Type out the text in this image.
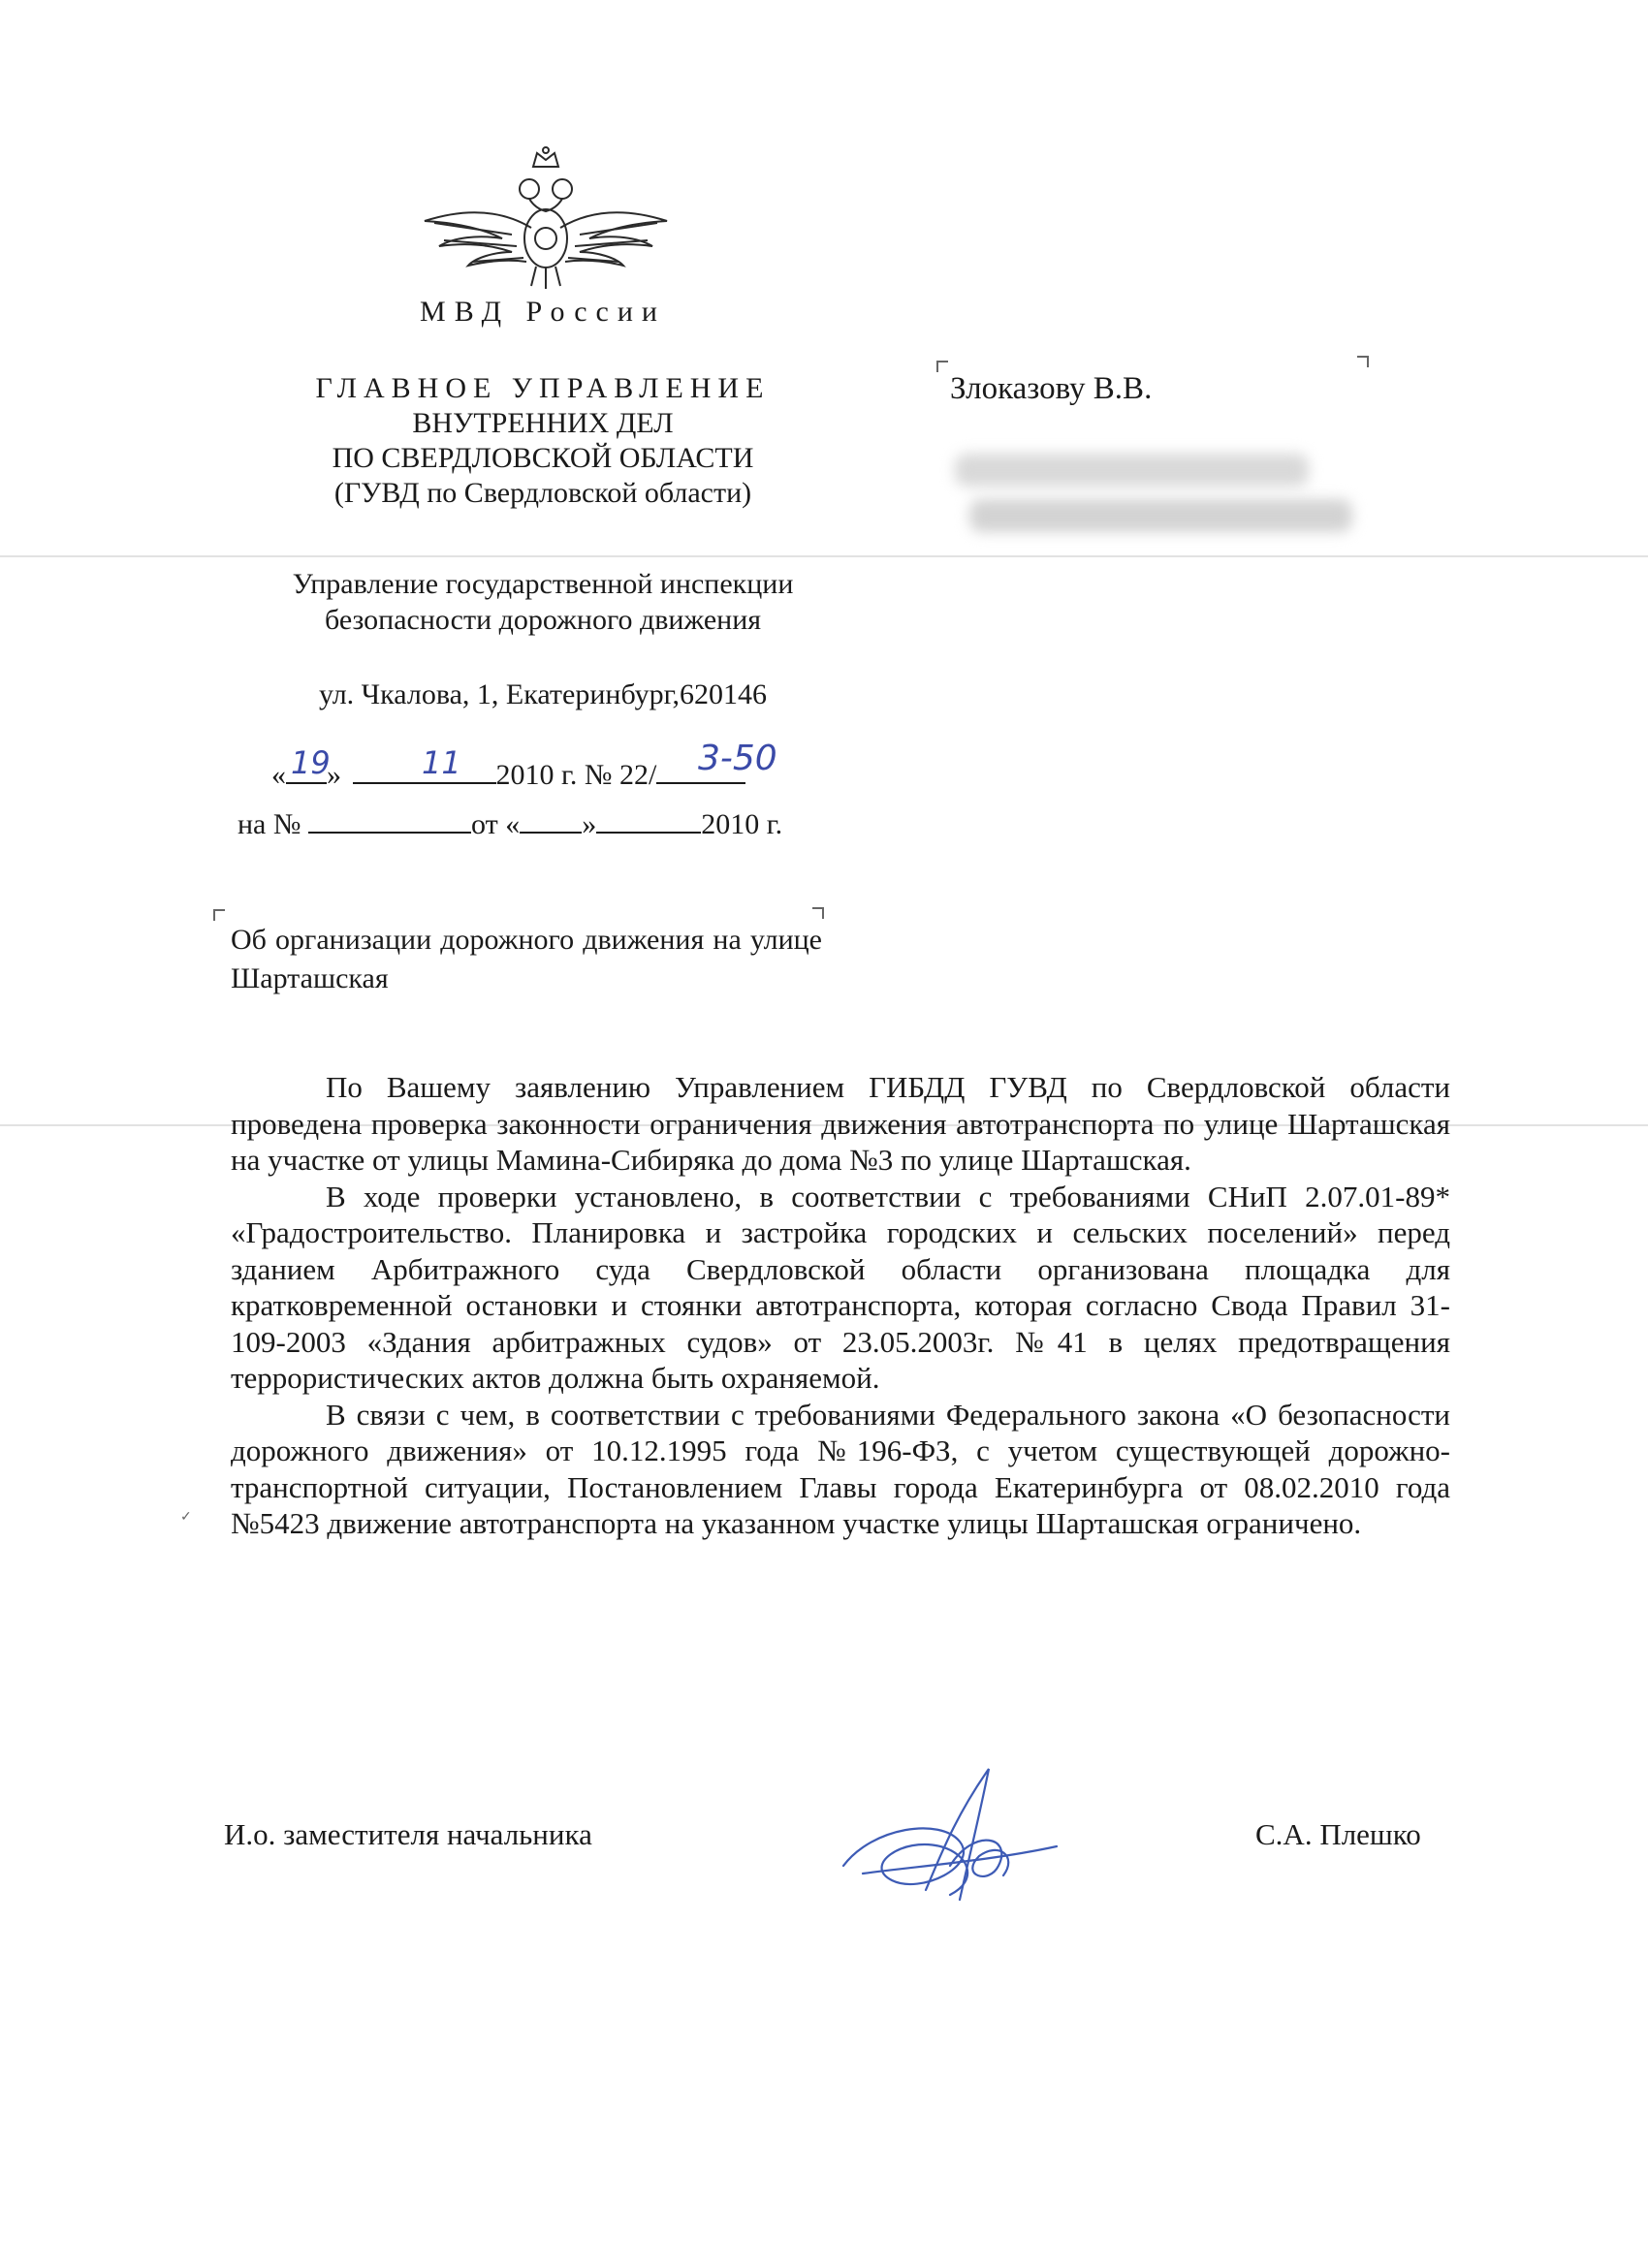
МВД России
ГЛАВНОЕ УПРАВЛЕНИЕ
ВНУТРЕННИХ ДЕЛ
ПО СВЕРДЛОВСКОЙ ОБЛАСТИ
(ГУВД по Свердловской области)
Управление государственной инспекции
безопасности дорожного движения
ул. Чкалова, 1, Екатеринбург,620146
« »	2010 г. № 22/
19	11	3-50
на №	от « »	2010 г.
Злоказову В.В.
Об организации дорожного движения на улице Шарташская

По Вашему заявлению Управлением ГИБДД ГУВД по Свердловской области проведена проверка законности ограничения движения автотранспорта по улице Шарташская на участке от улицы Мамина-Сибиряка до дома №3 по улице Шарташская.

В ходе проверки установлено, в соответствии с требованиями СНиП 2.07.01-89* «Градостроительство. Планировка и застройка городских и сельских поселений» перед зданием Арбитражного суда Свердловской области организована площадка для кратковременной остановки и стоянки автотранспорта, которая согласно Свода Правил 31-109-2003 «Здания арбитражных судов» от 23.05.2003г. №41 в целях предотвращения террористических актов должна быть охраняемой.

В связи с чем, в соответствии с требованиями Федерального закона «О безопасности дорожного движения» от 10.12.1995 года №196-ФЗ, с учетом существующей дорожно-транспортной ситуации, Постановлением Главы города Екатеринбурга от 08.02.2010 года №5423 движение автотранспорта на указанном участке улицы Шарташская ограничено.

✓
И.о. заместителя начальника	С.А. Плешко
